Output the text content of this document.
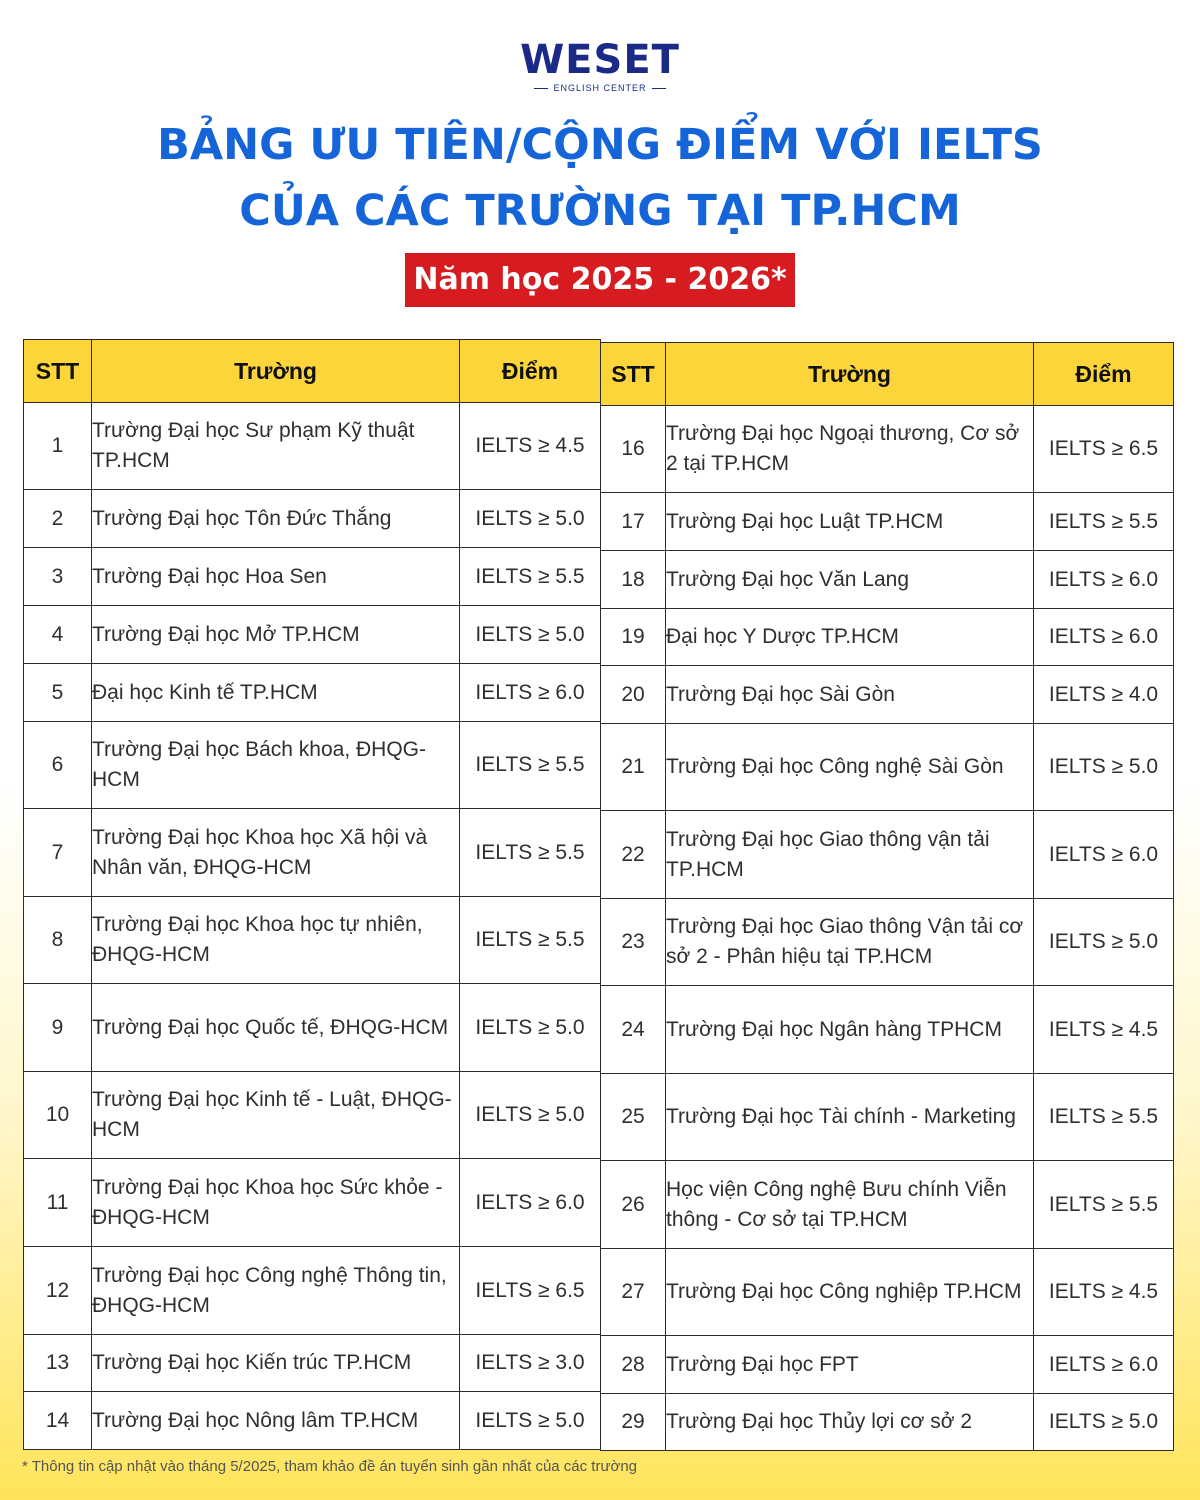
WESET
ENGLISH CENTER
BẢNG ƯU TIÊN/CỘNG ĐIỂM VỚI IELTS
CỦA CÁC TRƯỜNG TẠI TP.HCM
Năm học 2025 - 2026*
STT	Trường	Điểm
1	Trường Đại học Sư phạm Kỹ thuật TP.HCM	IELTS ≥ 4.5
2	Trường Đại học Tôn Đức Thắng	IELTS ≥ 5.0
3	Trường Đại học Hoa Sen	IELTS ≥ 5.5
4	Trường Đại học Mở TP.HCM	IELTS ≥ 5.0
5	Đại học Kinh tế TP.HCM	IELTS ≥ 6.0
6	Trường Đại học Bách khoa, ĐHQG-HCM	IELTS ≥ 5.5
7	Trường Đại học Khoa học Xã hội và Nhân văn, ĐHQG-HCM	IELTS ≥ 5.5
8	Trường Đại học Khoa học tự nhiên, ĐHQG-HCM	IELTS ≥ 5.5
9	Trường Đại học Quốc tế, ĐHQG-HCM	IELTS ≥ 5.0
10	Trường Đại học Kinh tế - Luật, ĐHQG-HCM	IELTS ≥ 5.0
11	Trường Đại học Khoa học Sức khỏe - ĐHQG-HCM	IELTS ≥ 6.0
12	Trường Đại học Công nghệ Thông tin, ĐHQG-HCM	IELTS ≥ 6.5
13	Trường Đại học Kiến trúc TP.HCM	IELTS ≥ 3.0
14	Trường Đại học Nông lâm TP.HCM	IELTS ≥ 5.0
STT	Trường	Điểm
16	Trường Đại học Ngoại thương, Cơ sở 2 tại TP.HCM	IELTS ≥ 6.5
17	Trường Đại học Luật TP.HCM	IELTS ≥ 5.5
18	Trường Đại học Văn Lang	IELTS ≥ 6.0
19	Đại học Y Dược TP.HCM	IELTS ≥ 6.0
20	Trường Đại học Sài Gòn	IELTS ≥ 4.0
21	Trường Đại học Công nghệ Sài Gòn	IELTS ≥ 5.0
22	Trường Đại học Giao thông vận tải TP.HCM	IELTS ≥ 6.0
23	Trường Đại học Giao thông Vận tải cơ sở 2 - Phân hiệu tại TP.HCM	IELTS ≥ 5.0
24	Trường Đại học Ngân hàng TPHCM	IELTS ≥ 4.5
25	Trường Đại học Tài chính - Marketing	IELTS ≥ 5.5
26	Học viện Công nghệ Bưu chính Viễn thông - Cơ sở tại TP.HCM	IELTS ≥ 5.5
27	Trường Đại học Công nghiệp TP.HCM	IELTS ≥ 4.5
28	Trường Đại học FPT	IELTS ≥ 6.0
29	Trường Đại học Thủy lợi cơ sở 2	IELTS ≥ 5.0
* Thông tin cập nhật vào tháng 5/2025, tham khảo đề án tuyển sinh gần nhất của các trường
